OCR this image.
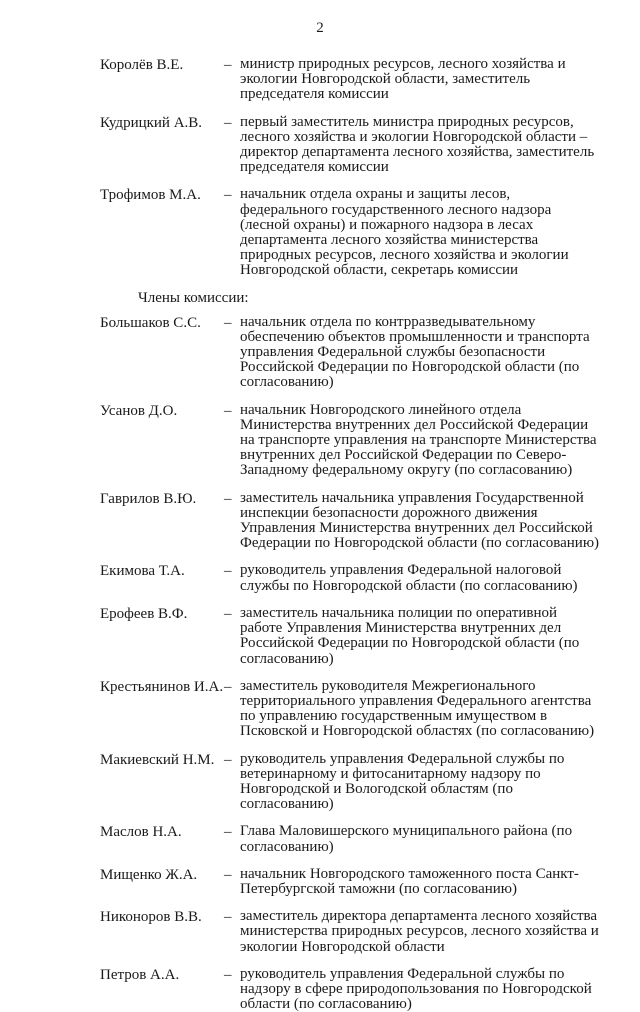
2
Королёв В.Е.	– министр природных ресурсов, лесного хозяйства и экологии Новгородской области, заместитель председателя комиссии
Кудрицкий А.В. – первый заместитель министра природных ресурсов, лесного хозяйства и экологии Новгородской области – директор департамента лесного хозяйства, заместитель председателя комиссии
Трофимов М.А. – начальник отдела охраны и защиты лесов, федерального государственного лесного надзора (лесной охраны) и пожарного надзора в лесах департамента лесного хозяйства министерства природных ресурсов, лесного хозяйства и экологии Новгородской области, секретарь комиссии
Члены комиссии:
Большаков С.С. – начальник отдела по контрразведывательному обеспечению объектов промышленности и транспорта управления Федеральной службы безопасности Российской Федерации по Новгородской области (по согласованию)
Усанов Д.О.	– начальник Новгородского линейного отдела Министерства внутренних дел Российской Федерации на транспорте управления на транспорте Министерства внутренних дел Российской Федерации по Северо-Западному федеральному округу (по согласованию)
Гаврилов В.Ю. – заместитель начальника управления Государственной инспекции безопасности дорожного движения Управления Министерства внутренних дел Российской Федерации по Новгородской области (по согласованию)
Екимова Т.А.	– руководитель управления Федеральной налоговой службы по Новгородской области (по согласованию)
Ерофеев В.Ф. – заместитель начальника полиции по оперативной работе Управления Министерства внутренних дел Российской Федерации по Новгородской области (по согласованию)
Крестьянинов И.А. – заместитель руководителя Межрегионального территориального управления Федерального агентства по управлению государственным имуществом в Псковской и Новгородской областях (по согласованию)
Макиевский Н.М. – руководитель управления Федеральной службы по ветеринарному и фитосанитарному надзору по Новгородской и Вологодской областям (по согласованию)
Маслов Н.А.	– Глава Маловишерского муниципального района (по согласованию)
Мищенко Ж.А. – начальник Новгородского таможенного поста Санкт-Петербургской таможни (по согласованию)
Никоноров В.В. – заместитель директора департамента лесного хозяйства министерства природных ресурсов, лесного хозяйства и экологии Новгородской области
Петров А.А.	– руководитель управления Федеральной службы по надзору в сфере природопользования по Новгородской области (по согласованию)
